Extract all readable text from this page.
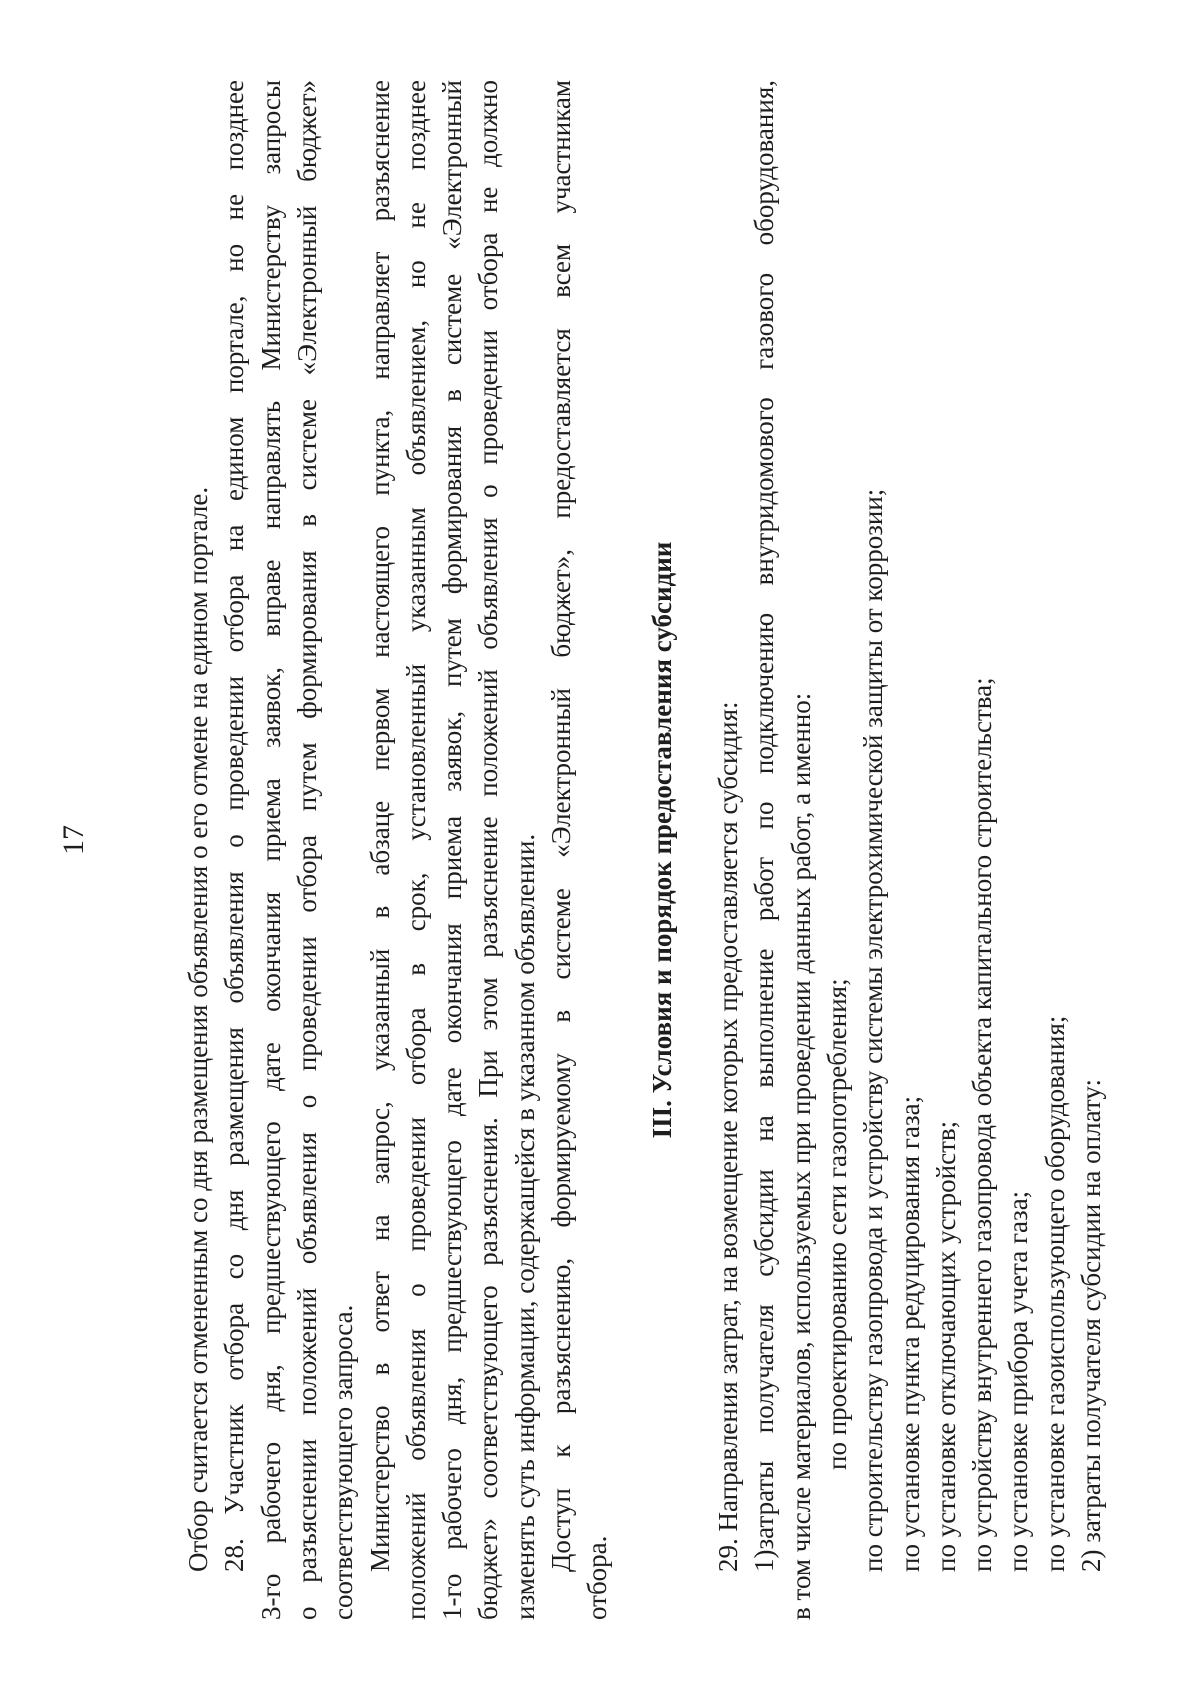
17	Отбор считается отмененным со дня размещения объявления о его отмене на едином портале. 28. Участник отбора со дня размещения объявления о проведении отбора на едином портале, но не позднее 3-го рабочего дня, предшествующего дате окончания приема заявок, вправе направлять Министерству запросы о разъяснении положений объявления о проведении отбора путем формирования в системе «Электронный бюджет» соответствующего запроса. Министерство в ответ на запрос, указанный в абзаце первом настоящего пункта, направляет разъяснение положений объявления о проведении отбора в срок, установленный указанным объявлением, но не позднее 1-го рабочего дня, предшествующего дате окончания приема заявок, путем формирования в системе «Электронный бюджет» соответствующего разъяснения. При этом разъяснение положений объявления о проведении отбора не должно изменять суть информации, содержащейся в указанном объявлении. Доступ к разъяснению, формируемому в системе «Электронный бюджет», предоставляется всем участникам
отбора.
III. Условия и порядок предоставления субсидии 29. Направления затрат, на возмещение которых предоставляется субсидия: 1)затраты получателя субсидии на выполнение работ по подключению внутридомового газового оборудования, в том числе материалов, используемых при проведении данных работ, а именно: по проектированию сети газопотребления; по строительству газопровода и устройству системы электрохимической защиты от коррозии; по установке пункта редуцирования газа; по установке отключающих устройств; по устройству внутреннего газопровода объекта капитального строительства; по установке прибора учета газа; по установке газоиспользующего оборудования; 2) затраты получателя субсидии на оплату:
